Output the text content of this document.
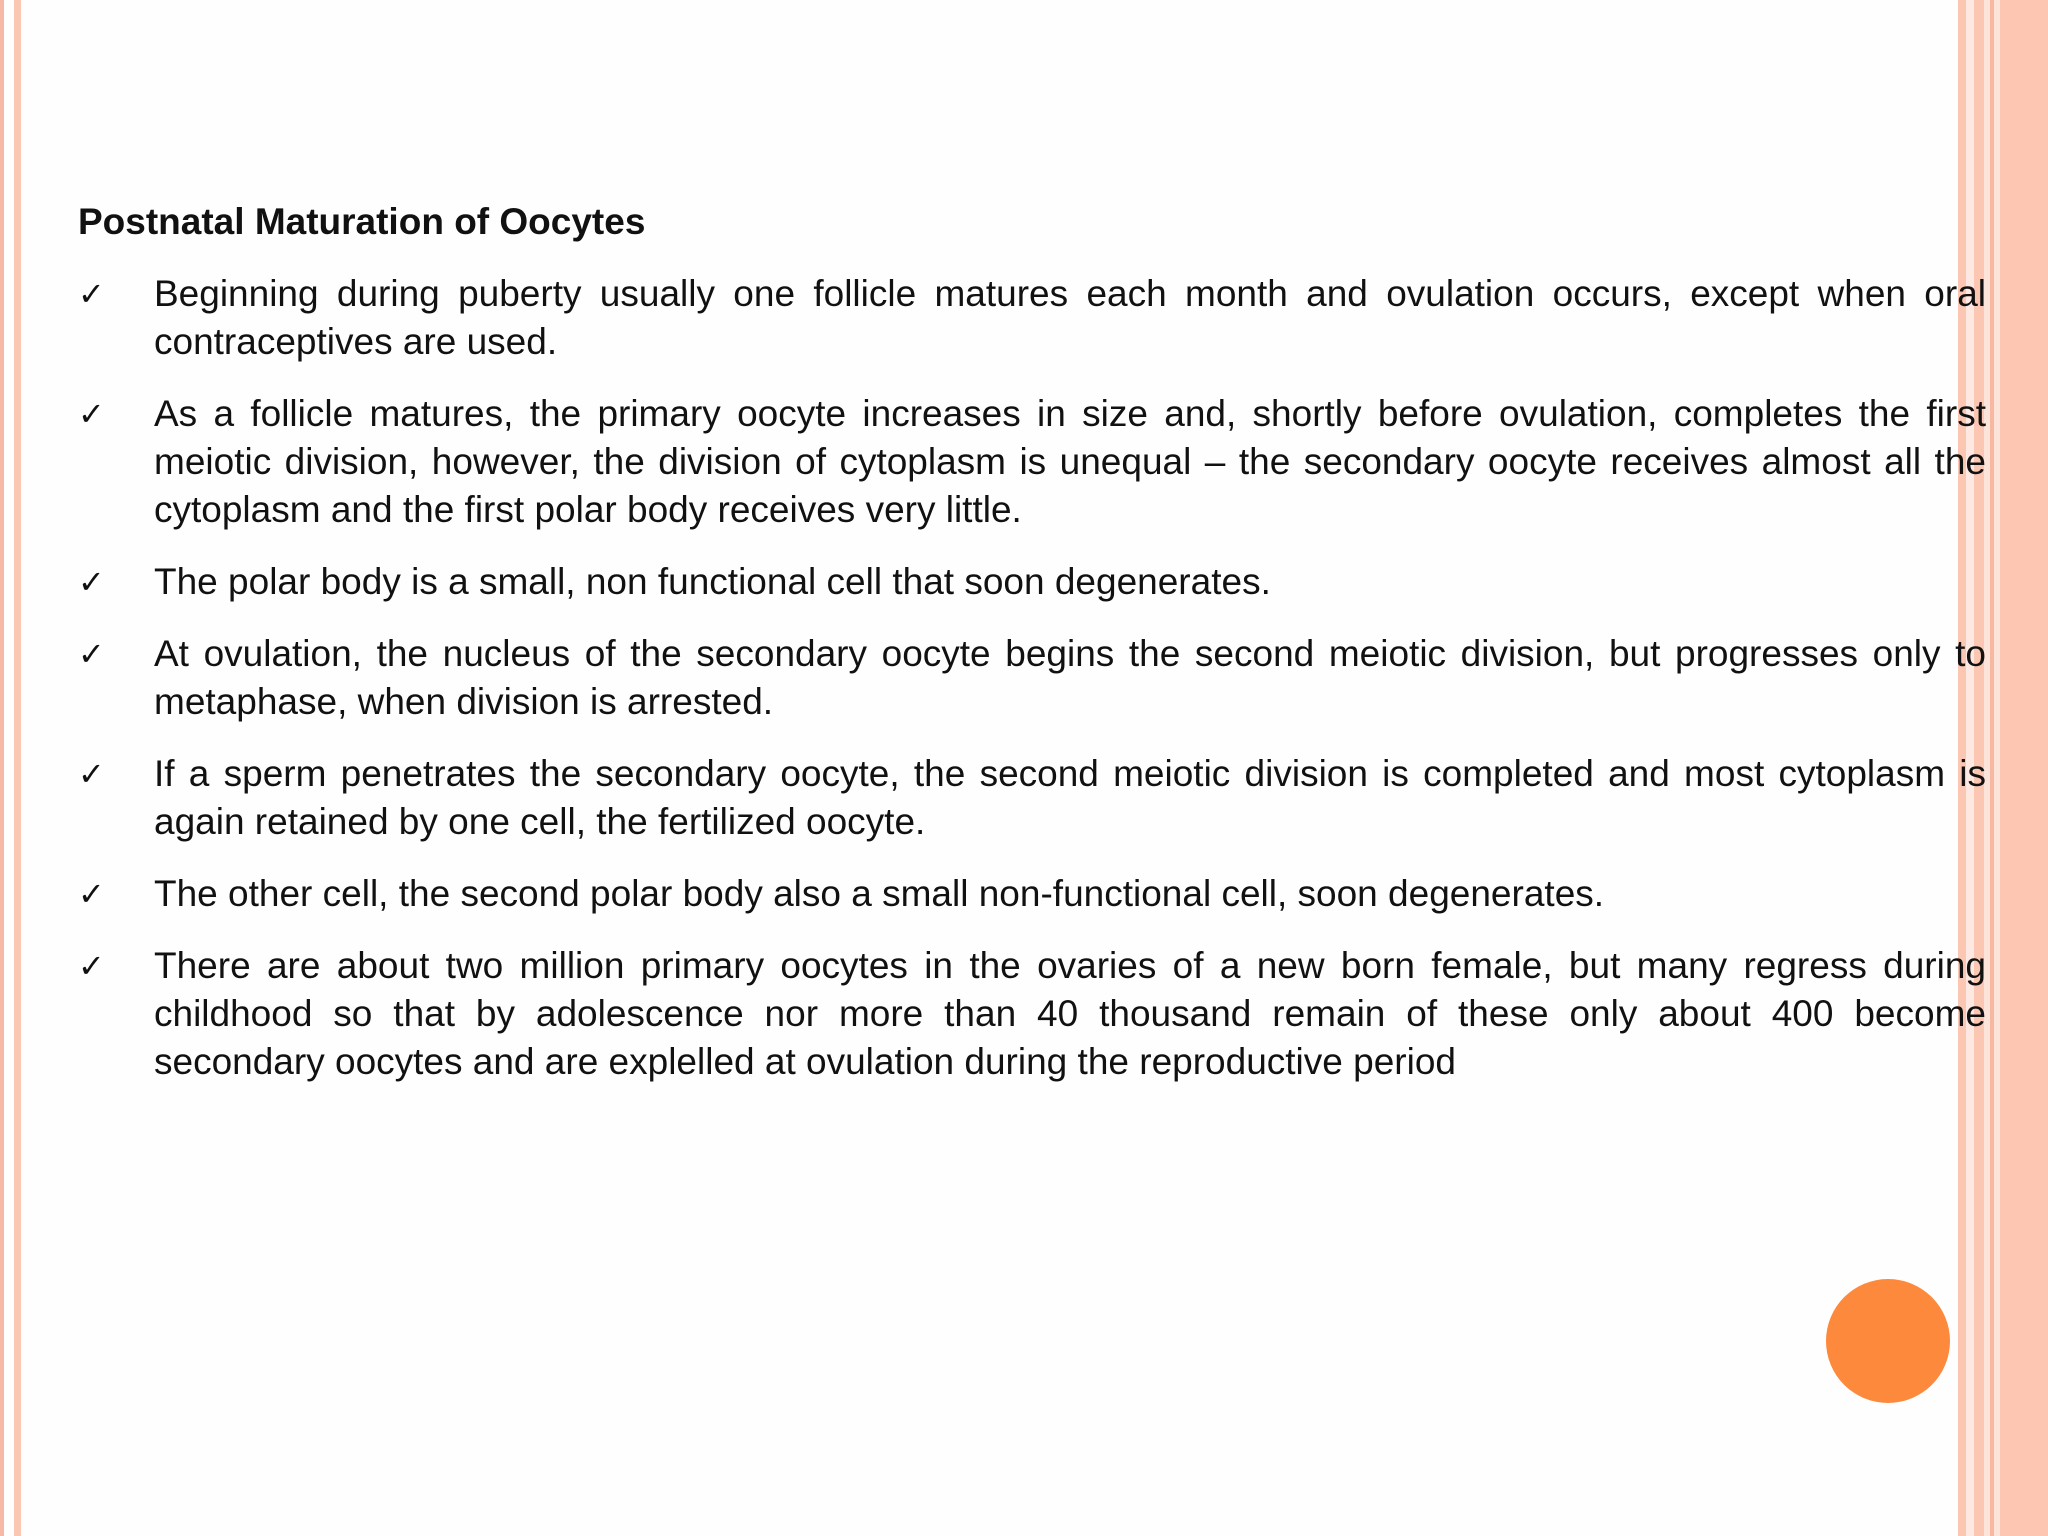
Postnatal Maturation of Oocytes
✓ Beginning during puberty usually one follicle matures each month and ovulation occurs, except when oral contraceptives are used.
✓ As a follicle matures, the primary oocyte increases in size and, shortly before ovulation, completes the first meiotic division, however, the division of cytoplasm is unequal – the secondary oocyte receives almost all the cytoplasm and the first polar body receives very little.
✓ The polar body is a small, non functional cell that soon degenerates.
✓ At ovulation, the nucleus of the secondary oocyte begins the second meiotic division, but progresses only to metaphase, when division is arrested.
✓ If a sperm penetrates the secondary oocyte, the second meiotic division is completed and most cytoplasm is again retained by one cell, the fertilized oocyte.
✓ The other cell, the second polar body also a small non-functional cell, soon degenerates.
✓ There are about two million primary oocytes in the ovaries of a new born female, but many regress during childhood so that by adolescence nor more than 40 thousand remain of these only about 400 become secondary oocytes and are explelled at ovulation during the reproductive period
